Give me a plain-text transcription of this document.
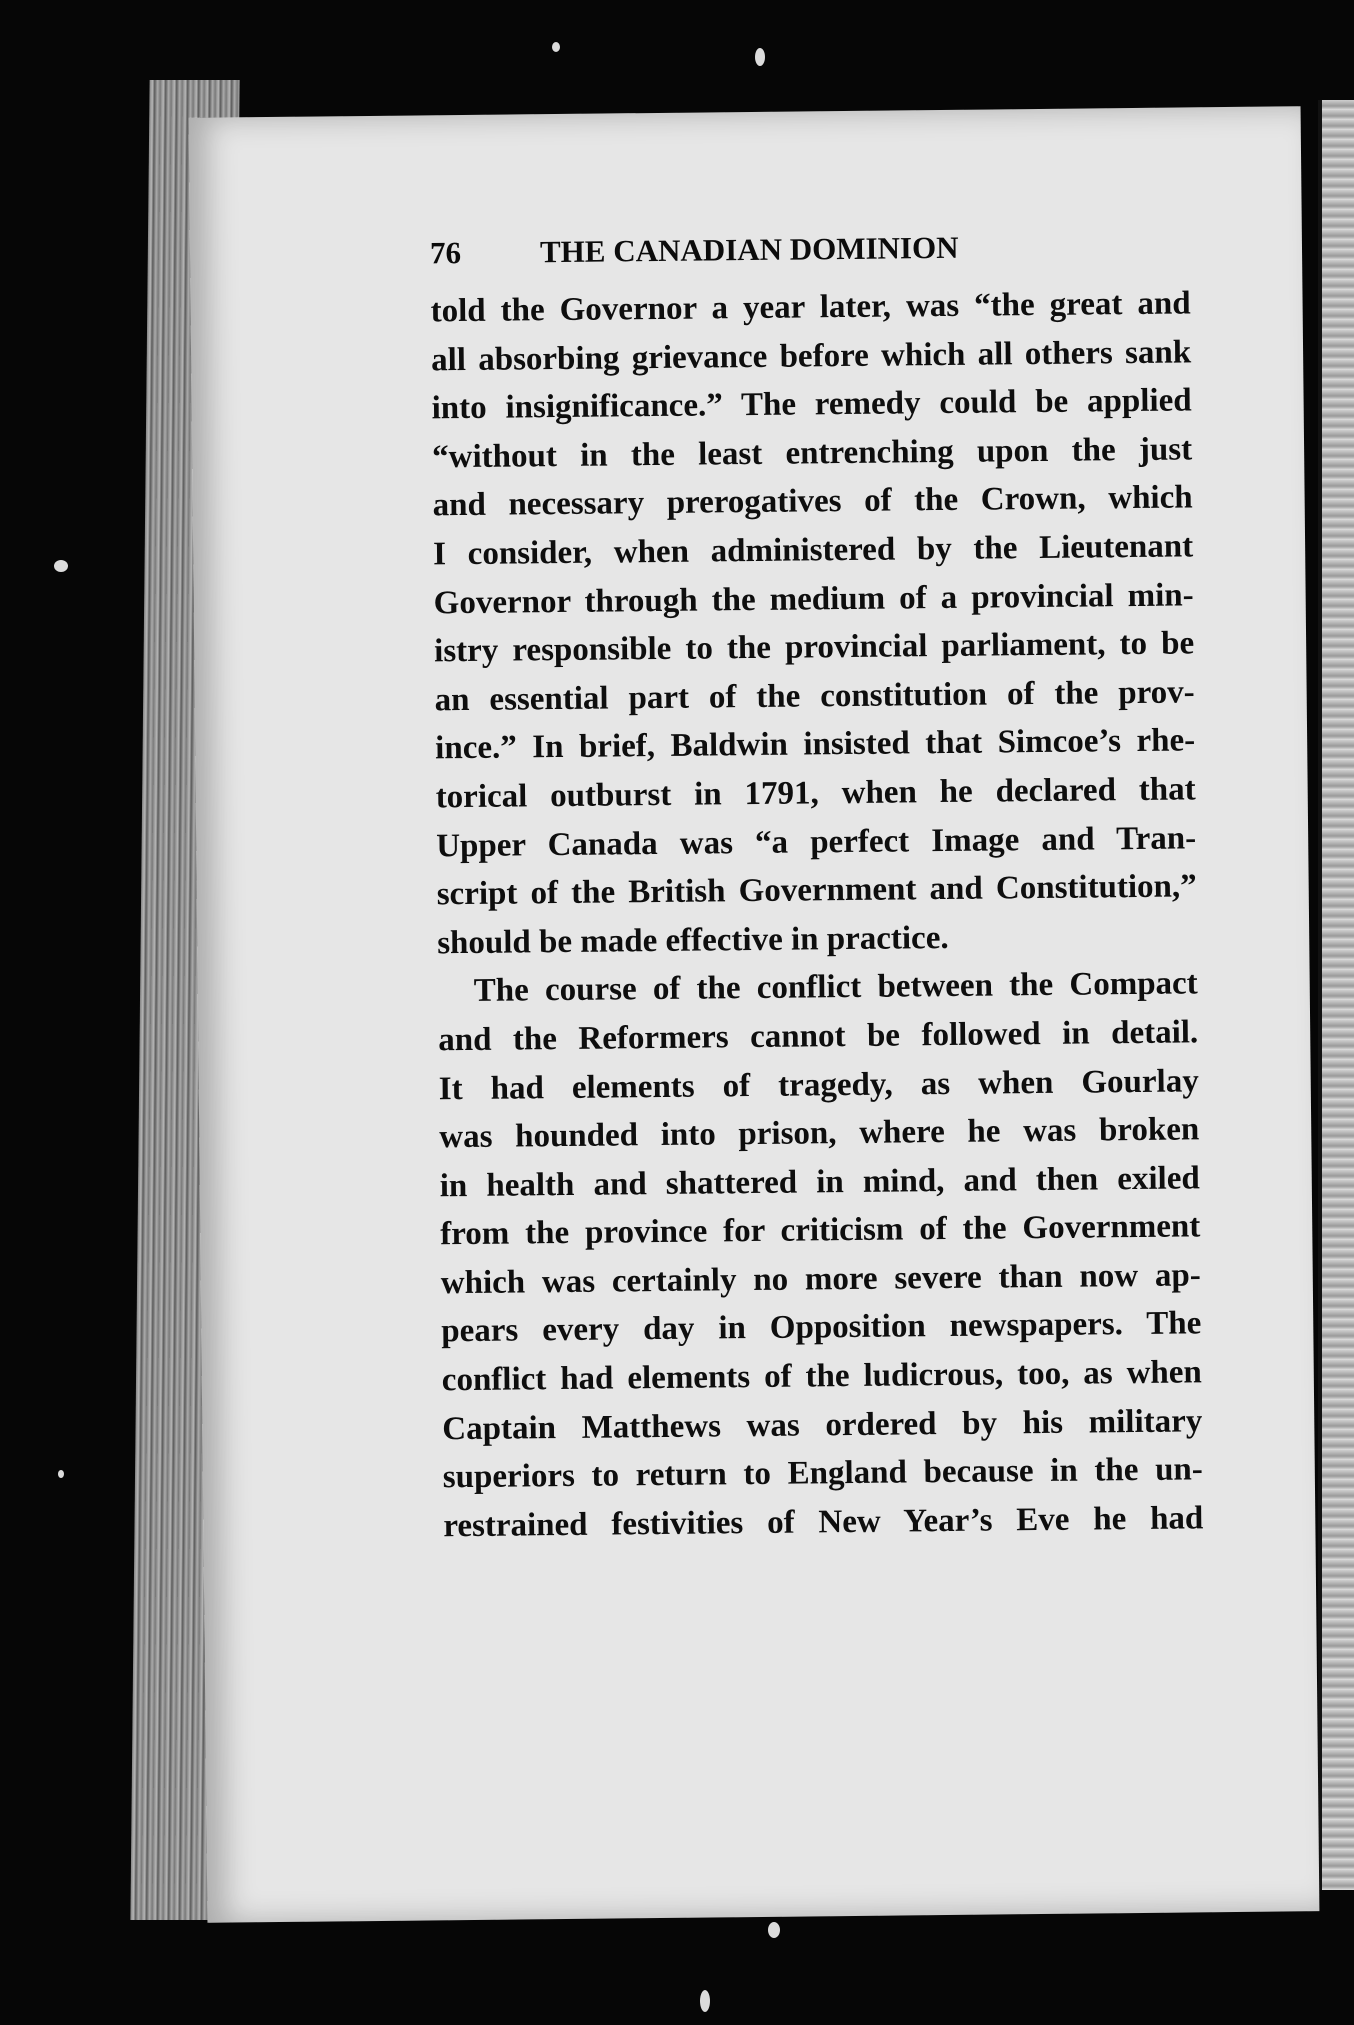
76	THE CANADIAN DOMINION
told the Governor a year later, was “the great and
all absorbing grievance before which all others sank
into insignificance.” The remedy could be applied
“without in the least entrenching upon the just
and necessary prerogatives of the Crown, which
I consider, when administered by the Lieutenant
Governor through the medium of a provincial min-
istry responsible to the provincial parliament, to be
an essential part of the constitution of the prov-
ince.” In brief, Baldwin insisted that Simcoe’s rhe-
torical outburst in 1791, when he declared that
Upper Canada was “a perfect Image and Tran-
script of the British Government and Constitution,”
should be made effective in practice.
The course of the conflict between the Compact
and the Reformers cannot be followed in detail.
It had elements of tragedy, as when Gourlay
was hounded into prison, where he was broken
in health and shattered in mind, and then exiled
from the province for criticism of the Government
which was certainly no more severe than now ap-
pears every day in Opposition newspapers. The
conflict had elements of the ludicrous, too, as when
Captain Matthews was ordered by his military
superiors to return to England because in the un-
restrained festivities of New Year’s Eve he had
